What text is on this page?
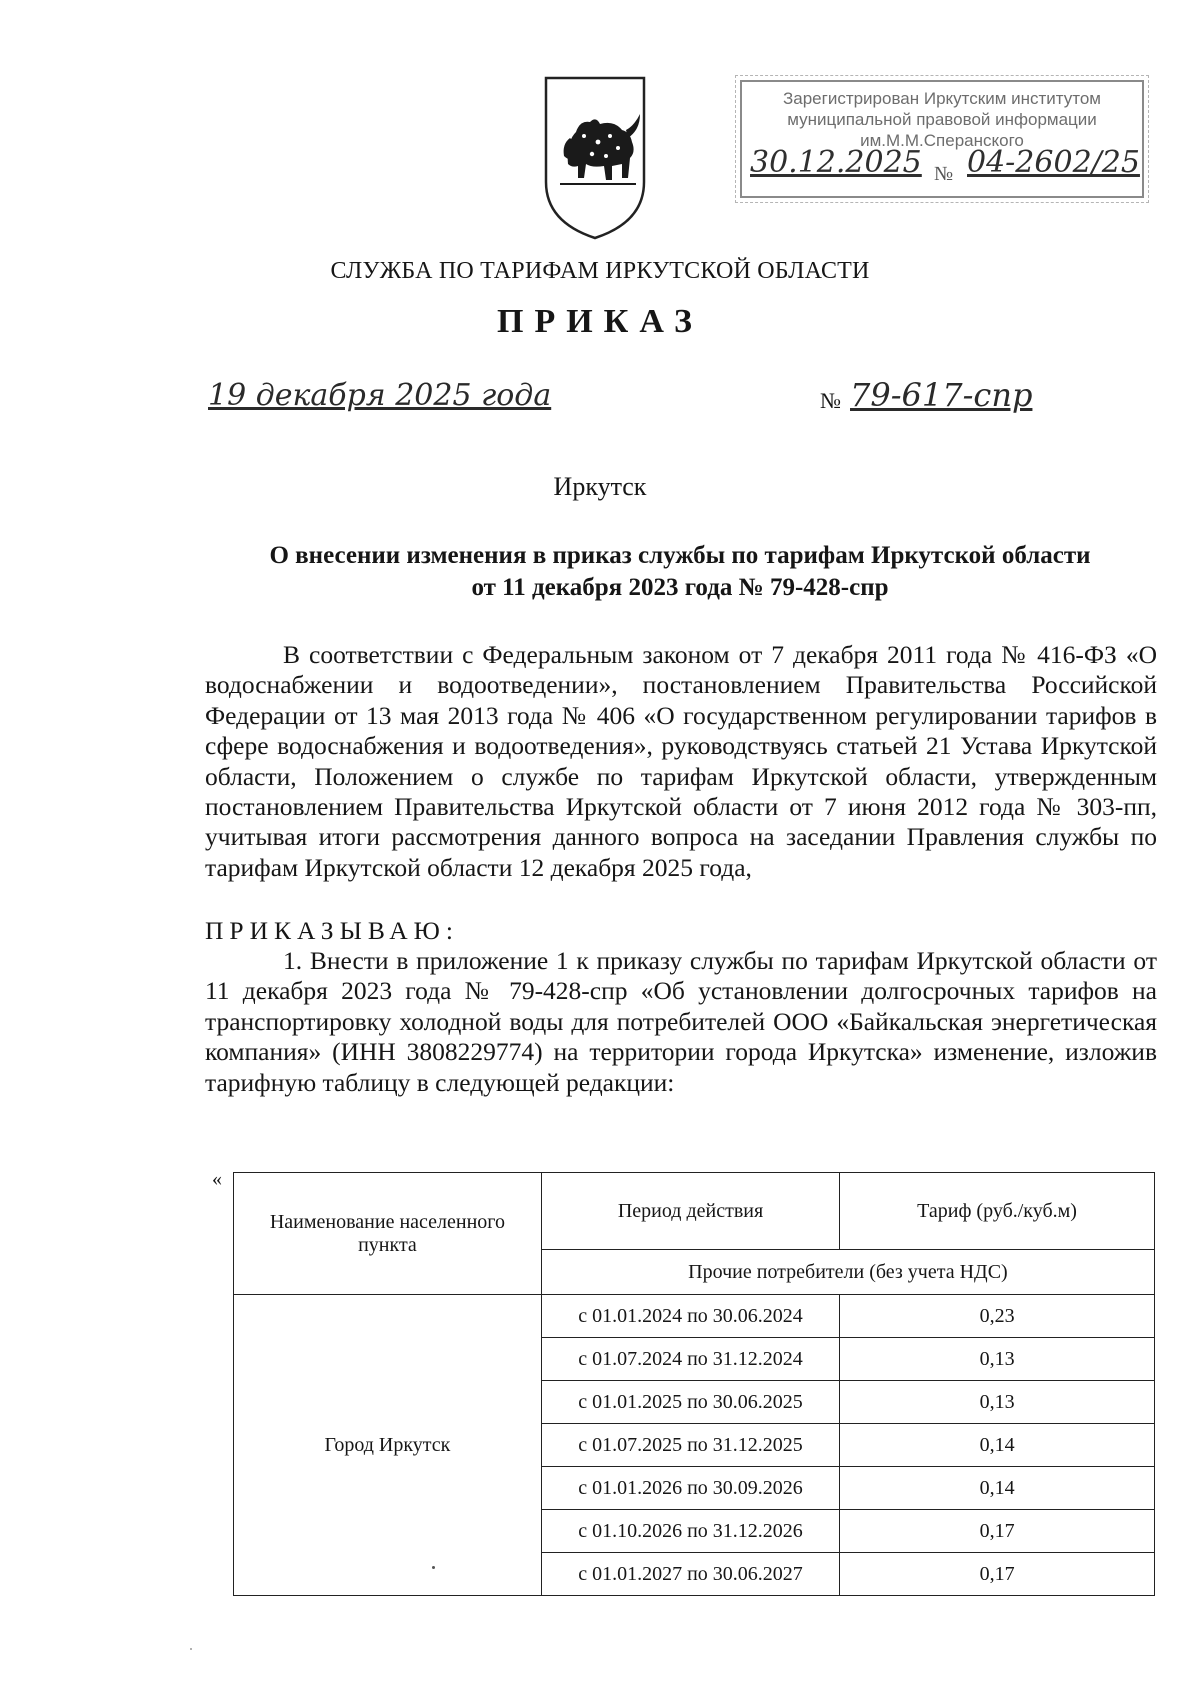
Зарегистрирован Иркутским институтом
муниципальной правовой информации
им.М.М.Сперанского
30.12.2025 № 04-2602/25
СЛУЖБА ПО ТАРИФАМ ИРКУТСКОЙ ОБЛАСТИ
ПРИКАЗ
19 декабря 2025 года	№ 79-617-спр
Иркутск
О внесении изменения в приказ службы по тарифам Иркутской области
от 11 декабря 2023 года № 79-428-спр
В соответствии с Федеральным законом от 7 декабря 2011 года № 416-ФЗ «О водоснабжении и водоотведении», постановлением Правительства Российской Федерации от 13 мая 2013 года № 406 «О государственном регулировании тарифов в сфере водоснабжения и водоотведения», руководствуясь статьей 21 Устава Иркутской области, Положением о службе по тарифам Иркутской области, утвержденным постановлением Правительства Иркутской области от 7 июня 2012 года № 303-пп, учитывая итоги рассмотрения данного вопроса на заседании Правления службы по тарифам Иркутской области 12 декабря 2025 года,
ПРИКАЗЫВАЮ:
1. Внести в приложение 1 к приказу службы по тарифам Иркутской области от 11 декабря 2023 года № 79-428-спр «Об установлении долгосрочных тарифов на транспортировку холодной воды для потребителей ООО «Байкальская энергетическая компания» (ИНН 3808229774) на территории города Иркутска» изменение, изложив тарифную таблицу в следующей редакции:
«
Наименование населенного пункта	Период действия	Тариф (руб./куб.м)
	Прочие потребители (без учета НДС)	
Город Иркутск	с 01.01.2024 по 30.06.2024	0,23
	с 01.07.2024 по 31.12.2024	0,13
	с 01.01.2025 по 30.06.2025	0,13
	с 01.07.2025 по 31.12.2025	0,14
	с 01.01.2026 по 30.09.2026	0,14
	с 01.10.2026 по 31.12.2026	0,17
	с 01.01.2027 по 30.06.2027	0,17
